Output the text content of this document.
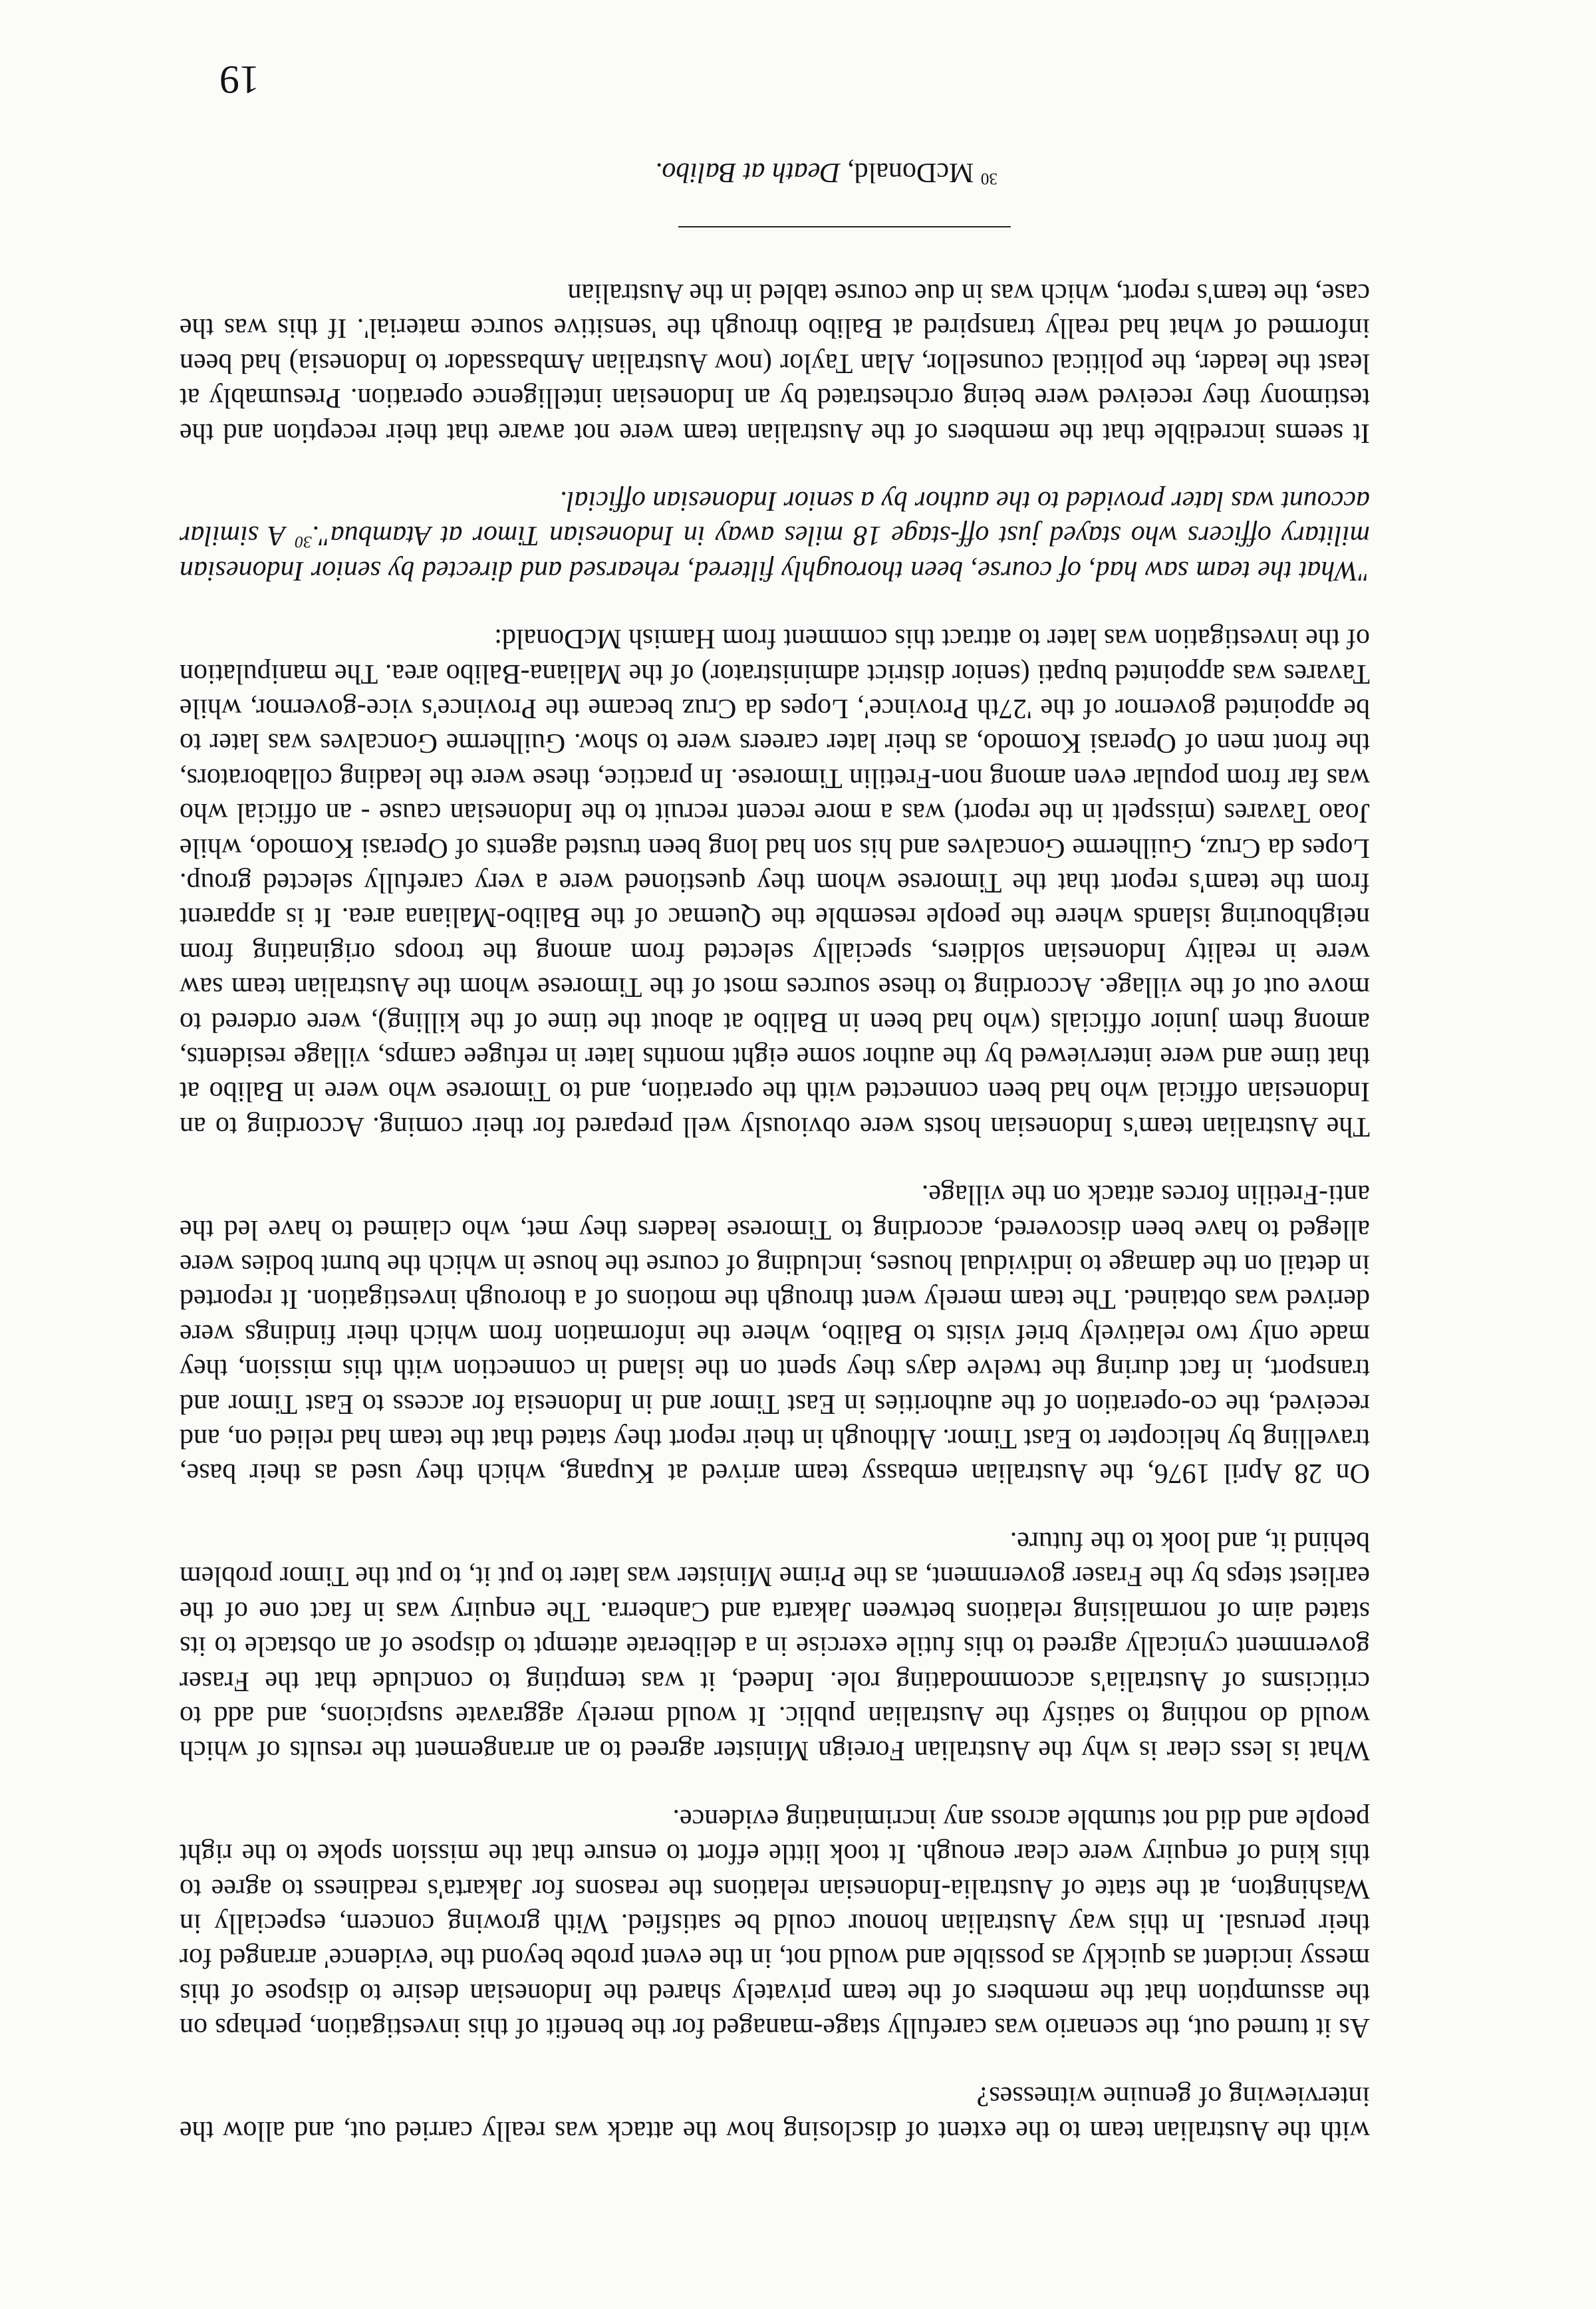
with the Australian team to the extent of disclosing how the attack was really carried out, and allow the interviewing of genuine witnesses?

As it turned out, the scenario was carefully stage-managed for the benefit of this investigation, perhaps on the assumption that the members of the team privately shared the Indonesian desire to dispose of this messy incident as quickly as possible and would not, in the event probe beyond the 'evidence' arranged for their perusal. In this way Australian honour could be satisfied. With growing concern, especially in Washington, at the state of Australia-Indonesian relations the reasons for Jakarta's readiness to agree to this kind of enquiry were clear enough. It took little effort to ensure that the mission spoke to the right people and did not stumble across any incriminating evidence.

What is less clear is why the Australian Foreign Minister agreed to an arrangement the results of which would do nothing to satisfy the Australian public. It would merely aggravate suspicions, and add to criticisms of Australia's accommodating role. Indeed, it was tempting to conclude that the Fraser government cynically agreed to this futile exercise in a deliberate attempt to dispose of an obstacle to its stated aim of normalising relations between Jakarta and Canberra. The enquiry was in fact one of the earliest steps by the Fraser government, as the Prime Minister was later to put it, to put the Timor problem behind it, and look to the future.

On 28 April 1976, the Australian embassy team arrived at Kupang, which they used as their base, travelling by helicopter to East Timor. Although in their report they stated that the team had relied on, and received, the co-operation of the authorities in East Timor and in Indonesia for access to East Timor and transport, in fact during the twelve days they spent on the island in connection with this mission, they made only two relatively brief visits to Balibo, where the information from which their findings were derived was obtained. The team merely went through the motions of a thorough investigation. It reported in detail on the damage to individual houses, including of course the house in which the burnt bodies were alleged to have been discovered, according to Timorese leaders they met, who claimed to have led the anti-Fretilin forces attack on the village.

The Australian team's Indonesian hosts were obviously well prepared for their coming. According to an Indonesian official who had been connected with the operation, and to Timorese who were in Balibo at that time and were interviewed by the author some eight months later in refugee camps, village residents, among them junior officials (who had been in Balibo at about the time of the killing), were ordered to move out of the village. According to these sources most of the Timorese whom the Australian team saw were in reality Indonesian soldiers, specially selected from among the troops originating from neighbouring islands where the people resemble the Quemac of the Balibo-Maliana area. It is apparent from the team's report that the Timorese whom they questioned were a very carefully selected group. Lopes da Cruz, Guilherme Goncalves and his son had long been trusted agents of Operasi Komodo, while Joao Tavares (misspelt in the report) was a more recent recruit to the Indonesian cause - an official who was far from popular even among non-Fretilin Timorese. In practice, these were the leading collaborators, the front men of Operasi Komodo, as their later careers were to show. Guilherme Goncalves was later to be appointed governor of the '27th Province', Lopes da Cruz became the Province's vice-governor, while Tavares was appointed bupati (senior district administrator) of the Maliana-Balibo area. The manipulation of the investigation was later to attract this comment from Hamish McDonald:

"What the team saw had, of course, been thoroughly filtered, rehearsed and directed by senior Indonesian military officers who stayed just off-stage 18 miles away in Indonesian Timor at Atambua".$^{30}$ A similar account was later provided to the author by a senior Indonesian official.

It seems incredible that the members of the Australian team were not aware that their reception and the testimony they received were being orchestrated by an Indonesian intelligence operation. Presumably at least the leader, the political counsellor, Alan Taylor (now Australian Ambassador to Indonesia) had been informed of what had really transpired at Balibo through the 'sensitive source material'. If this was the case, the team's report, which was in due course tabled in the Australian

$^{30}$ McDonald, Death at Balibo.
19
